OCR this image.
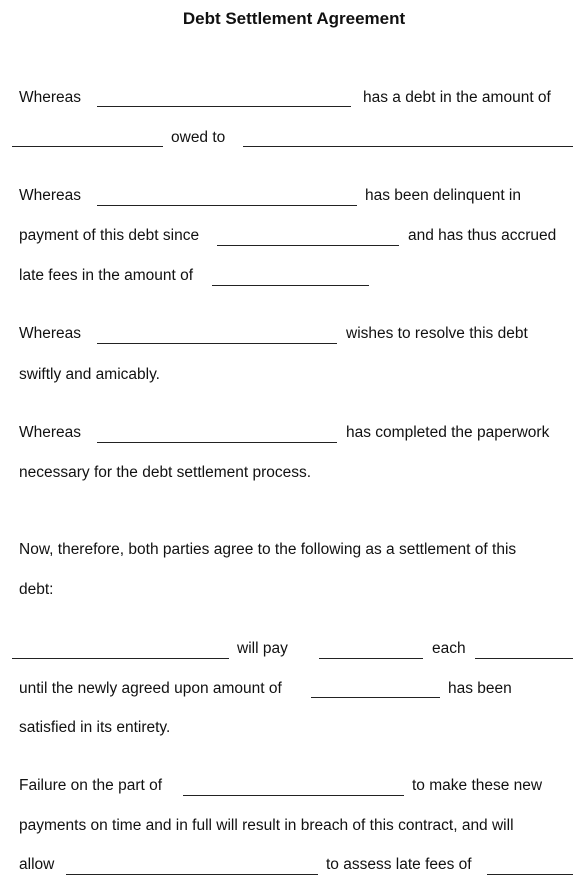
Debt Settlement Agreement
Whereas	has a debt in the amount of
owed to
Whereas	has been delinquent in
payment of this debt since	and has thus accrued
late fees in the amount of
Whereas	wishes to resolve this debt
swiftly and amicably.
Whereas	has completed the paperwork
necessary for the debt settlement process.
Now, therefore, both parties agree to the following as a settlement of this
debt:
will pay	each
until the newly agreed upon amount of	has been
satisfied in its entirety.
Failure on the part of	to make these new
payments on time and in full will result in breach of this contract, and will
allow	to assess late fees of
